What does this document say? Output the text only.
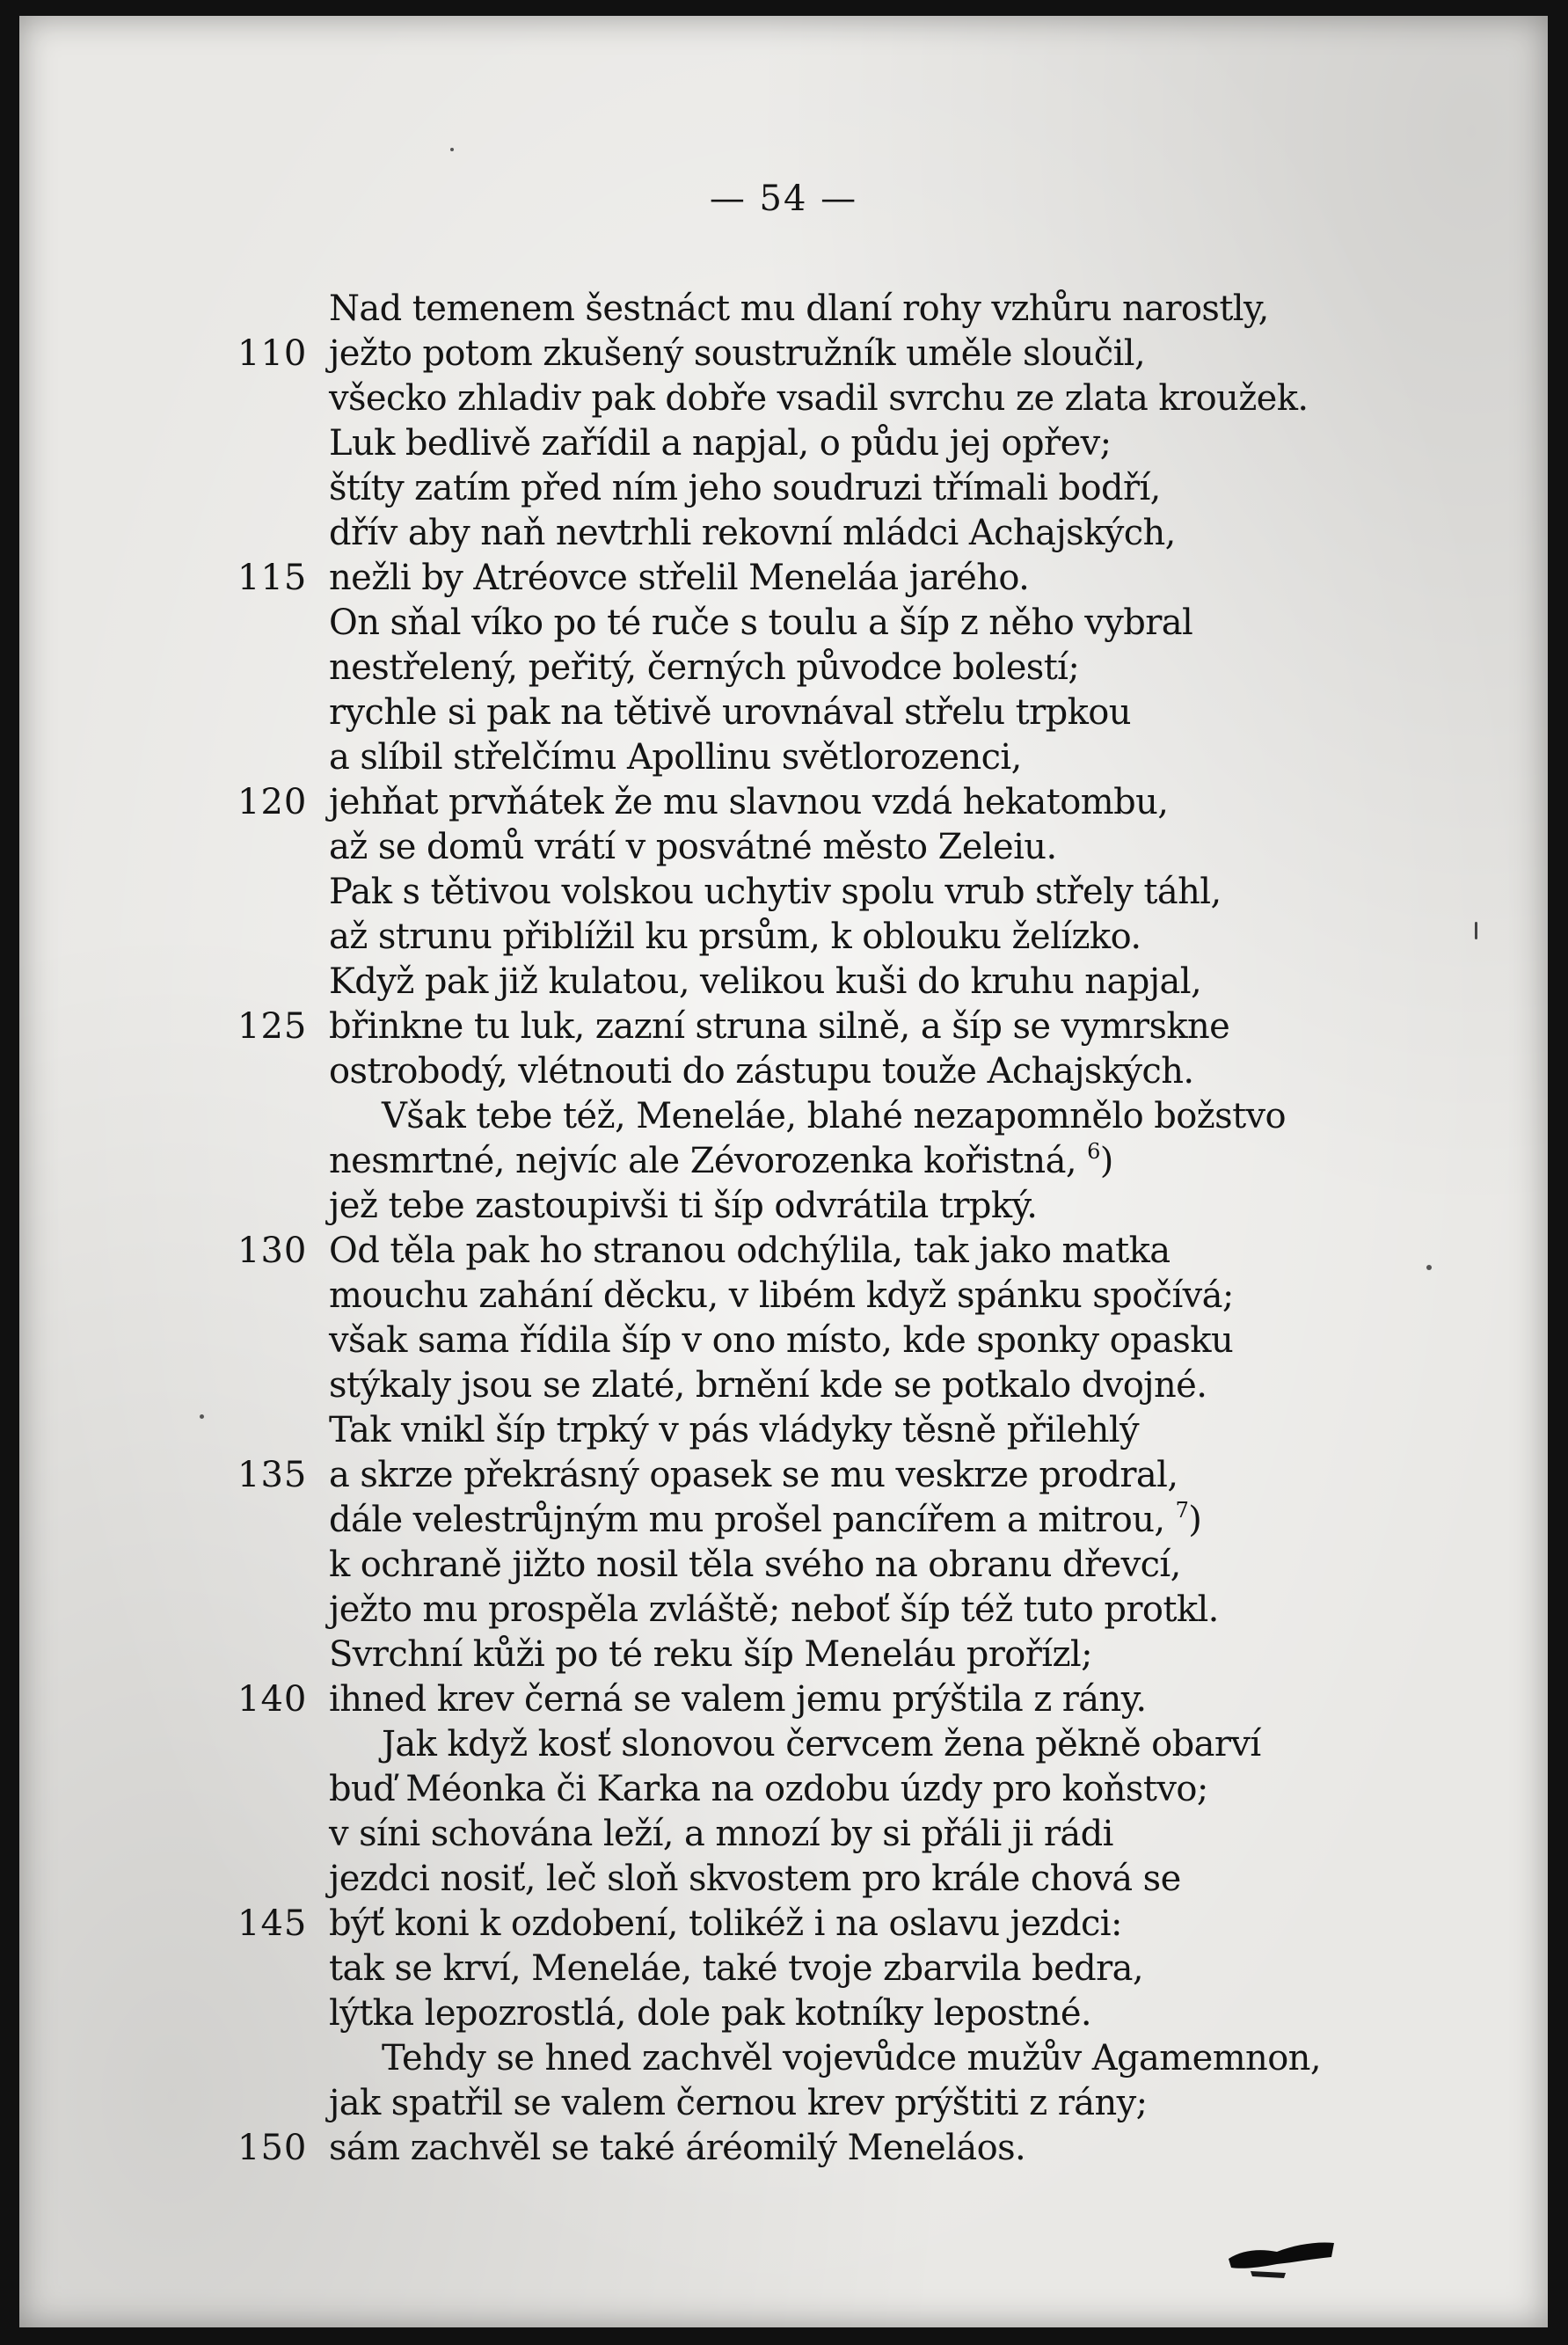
— 54 —
Nad temenem šestnáct mu dlaní rohy vzhůru narostly,
110 ježto potom zkušený soustružník uměle sloučil,
všecko zhladiv pak dobře vsadil svrchu ze zlata kroužek.
Luk bedlivě zařídil a napjal, o půdu jej opřev;
štíty zatím před ním jeho soudruzi třímali bodří,
dřív aby naň nevtrhli rekovní mládci Achajských,
115 nežli by Atréovce střelil Meneláa jarého.
On sňal víko po té ruče s toulu a šíp z něho vybral
nestřelený, peřitý, černých původce bolestí;
rychle si pak na tětivě urovnával střelu trpkou
a slíbil střelčímu Apollinu světlorozenci,
120 jehňat prvňátek že mu slavnou vzdá hekatombu,
až se domů vrátí v posvátné město Zeleiu.
Pak s tětivou volskou uchytiv spolu vrub střely táhl,
až strunu přiblížil ku prsům, k oblouku želízko.
Když pak již kulatou, velikou kuši do kruhu napjal,
125 břinkne tu luk, zazní struna silně, a šíp se vymrskne
ostrobodý, vlétnouti do zástupu touže Achajských.
Však tebe též, Meneláe, blahé nezapomnělo božstvo
nesmrtné, nejvíc ale Zévorozenka kořistná, $^6$)
jež tebe zastoupivši ti šíp odvrátila trpký.
130 Od těla pak ho stranou odchýlila, tak jako matka
mouchu zahání děcku, v libém když spánku spočívá;
však sama řídila šíp v ono místo, kde sponky opasku
stýkaly jsou se zlaté, brnění kde se potkalo dvojné.
Tak vnikl šíp trpký v pás vládyky těsně přilehlý
135 a skrze překrásný opasek se mu veskrze prodral,
dále velestrůjným mu prošel pancířem a mitrou, $^7$)
k ochraně jižto nosil těla svého na obranu dřevcí,
ježto mu prospěla zvláště; neboť šíp též tuto protkl.
Svrchní kůži po té reku šíp Meneláu prořízl;
140 ihned krev černá se valem jemu prýštila z rány.
Jak když kosť slonovou červcem žena pěkně obarví
buď Méonka či Karka na ozdobu úzdy pro koňstvo;
v síni schována leží, a mnozí by si přáli ji rádi
jezdci nosiť, leč sloň skvostem pro krále chová se
145 býť koni k ozdobení, tolikéž i na oslavu jezdci:
tak se krví, Meneláe, také tvoje zbarvila bedra,
lýtka lepozrostlá, dole pak kotníky lepostné.
Tehdy se hned zachvěl vojevůdce mužův Agamemnon,
jak spatřil se valem černou krev prýštiti z rány;
150 sám zachvěl se také áréomilý Meneláos.
